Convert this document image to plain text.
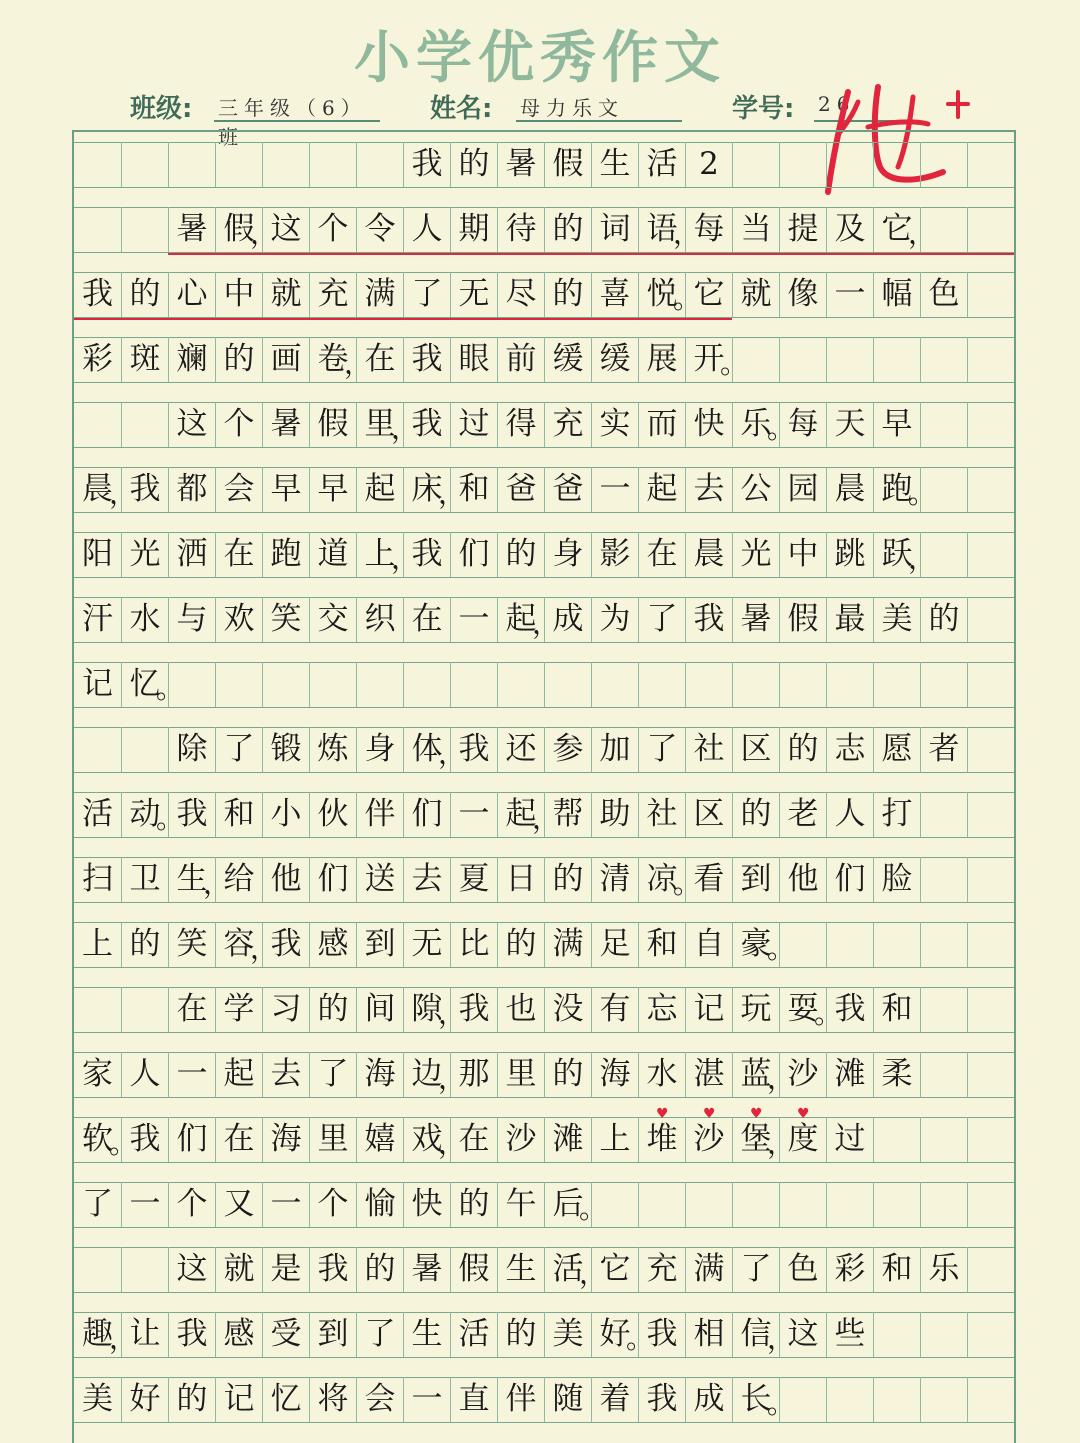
小学优秀作文
班级: 三年级（6）班
姓名: 母力乐文	学号: 26
我 的 暑 假 生 活 2
暑 假 这 个 令 人 期 待 的 词 语 每 当 提 及 它
，	，	，
我 的 心 中 就 充 满 了 无 尽 的 喜 悦 它 就 像 一 幅 色
。
彩 斑 斓 的 画 卷 在 我 眼 前 缓 缓 展 开
，	。
这 个 暑 假 里 我 过 得 充 实 而 快 乐 每 天 早
，	。
晨 我 都 会 早 早 起 床 和 爸 爸 一 起 去 公 园 晨 跑
，	，	。
阳 光 洒 在 跑 道 上 我 们 的 身 影 在 晨 光 中 跳 跃
，	，
汗 水 与 欢 笑 交 织 在 一 起 成 为 了 我 暑 假 最 美 的
，
记 忆
。
除 了 锻 炼 身 体 我 还 参 加 了 社 区 的 志 愿 者
，
活 动 我 和 小 伙 伴 们 一 起 帮 助 社 区 的 老 人 打
。	，
扫 卫 生 给 他 们 送 去 夏 日 的 清 凉 看 到 他 们 脸
，	。
上 的 笑 容 我 感 到 无 比 的 满 足 和 自 豪
，	。
在 学 习 的 间 隙 我 也 没 有 忘 记 玩 耍 我 和
，	。
家 人 一 起 去 了 海 边 那 里 的 海 水 湛 蓝 沙 滩 柔
，	，
软 我 们 在 海 里 嬉 戏 在 沙 滩 上 堆 沙 堡 度 过
。	，	，
了 一 个 又 一 个 愉 快 的 午 后
。
这 就 是 我 的 暑 假 生 活 它 充 满 了 色 彩 和 乐
，
趣 让 我 感 受 到 了 生 活 的 美 好 我 相 信 这 些
，	。	，
美 好 的 记 忆 将 会 一 直 伴 随 着 我 成 长
。
♥ ♥ ♥ ♥
